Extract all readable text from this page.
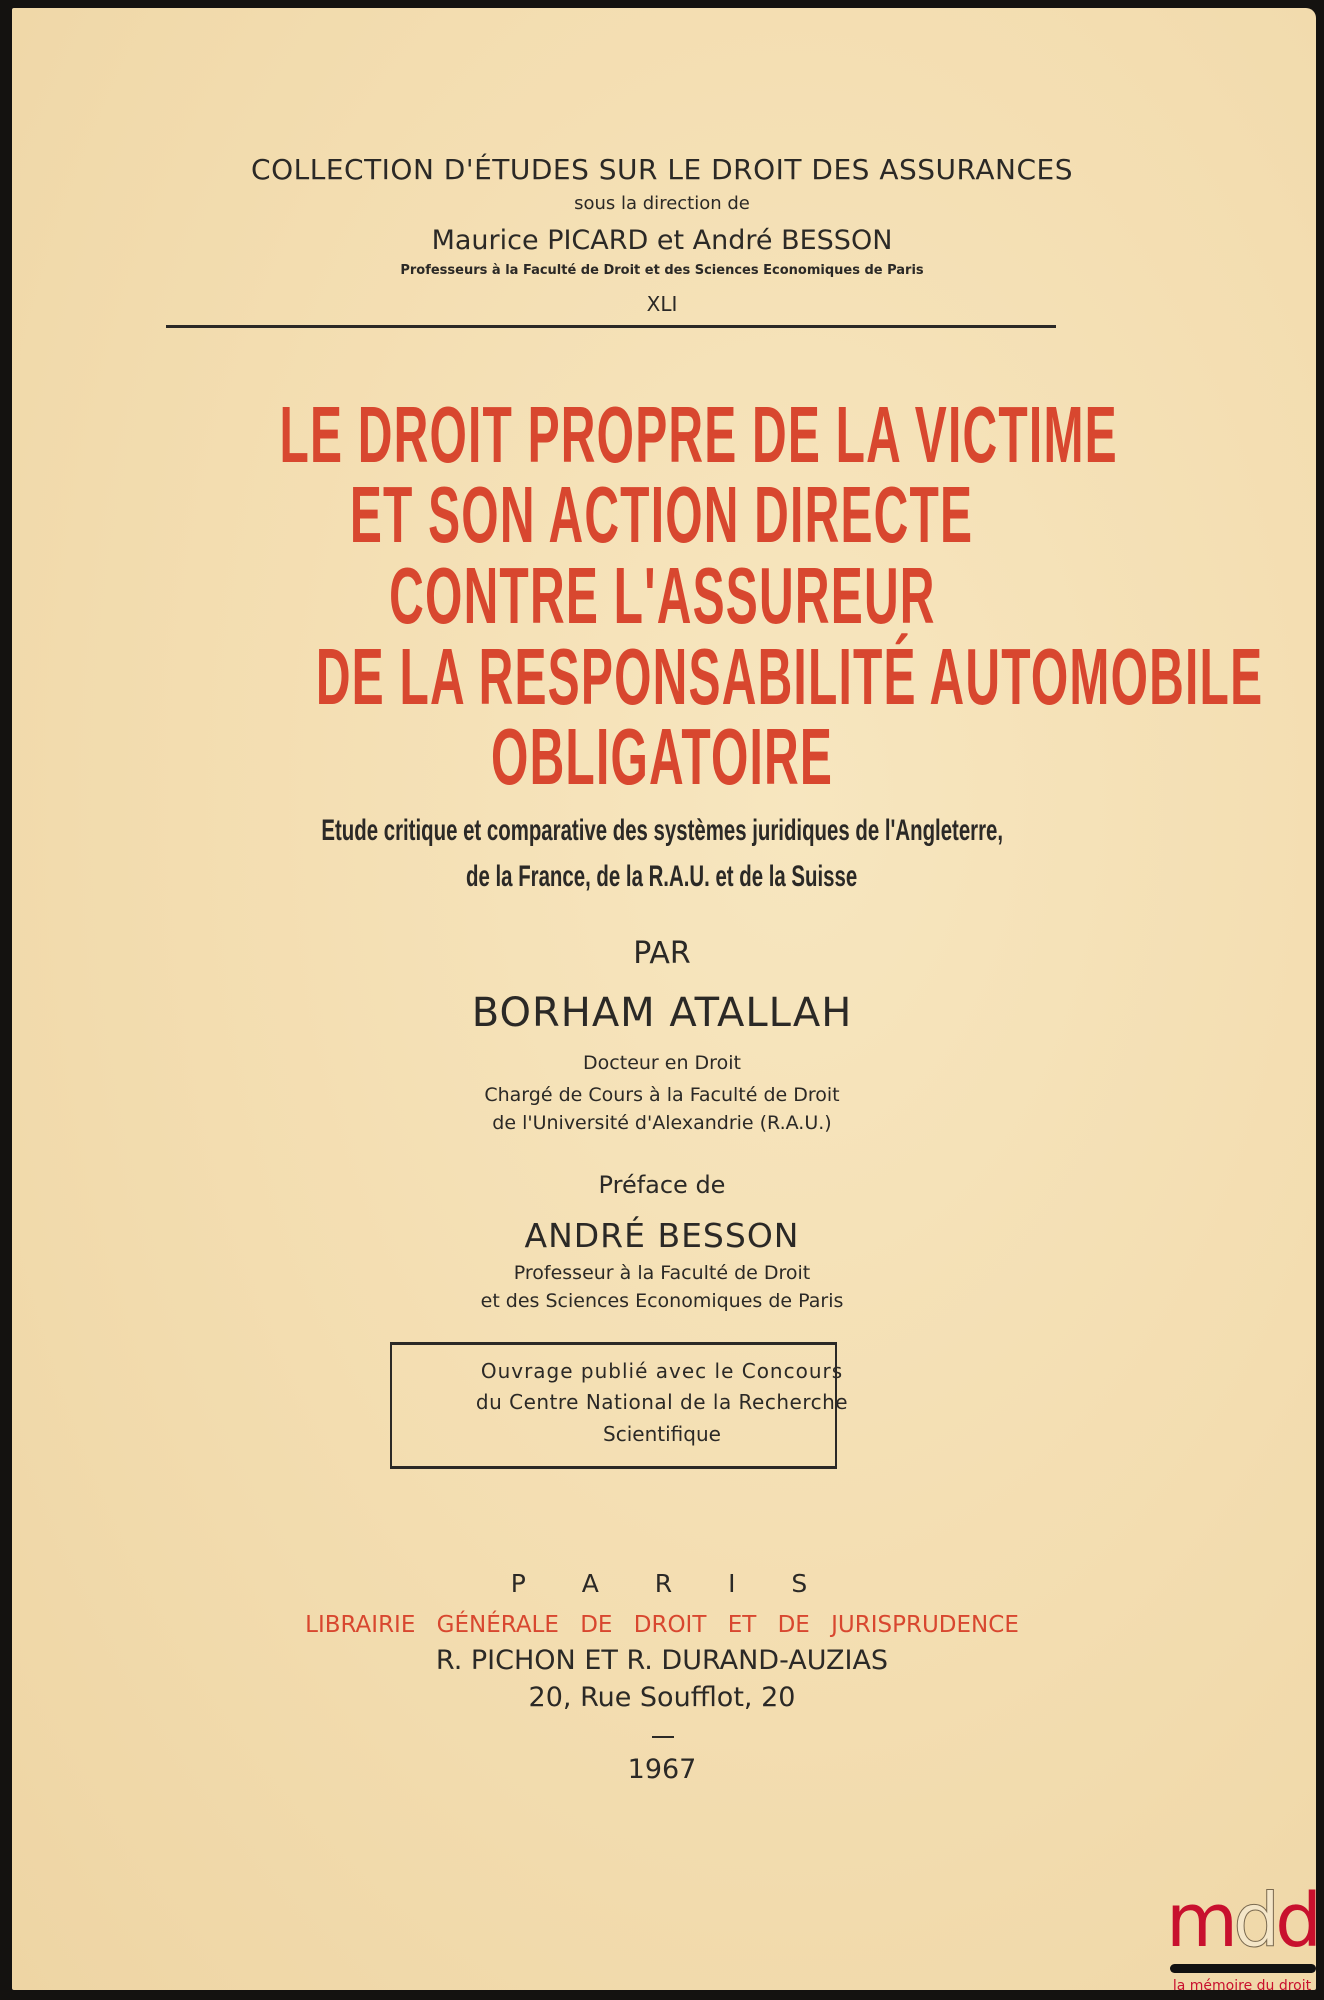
COLLECTION D'ÉTUDES SUR LE DROIT DES ASSURANCES
sous la direction de
Maurice PICARD et André BESSON
Professeurs à la Faculté de Droit et des Sciences Economiques de Paris
XLI
LE DROIT PROPRE DE LA VICTIME
ET SON ACTION DIRECTE
CONTRE L'ASSUREUR
DE LA RESPONSABILITÉ AUTOMOBILE
OBLIGATOIRE
Etude critique et comparative des systèmes juridiques de l'Angleterre,
de la France, de la R.A.U. et de la Suisse
PAR
BORHAM ATALLAH
Docteur en Droit
Chargé de Cours à la Faculté de Droit
de l'Université d'Alexandrie (R.A.U.)
Préface de
ANDRÉ BESSON
Professeur à la Faculté de Droit
et des Sciences Economiques de Paris
Ouvrage publié avec le Concours
du Centre National de la Recherche
Scientifique
P A R I S
LIBRAIRIE GÉNÉRALE DE DROIT ET DE JURISPRUDENCE
R. PICHON ET R. DURAND-AUZIAS
20, Rue Soufflot, 20
1967
mdd
la mémoire du droit
